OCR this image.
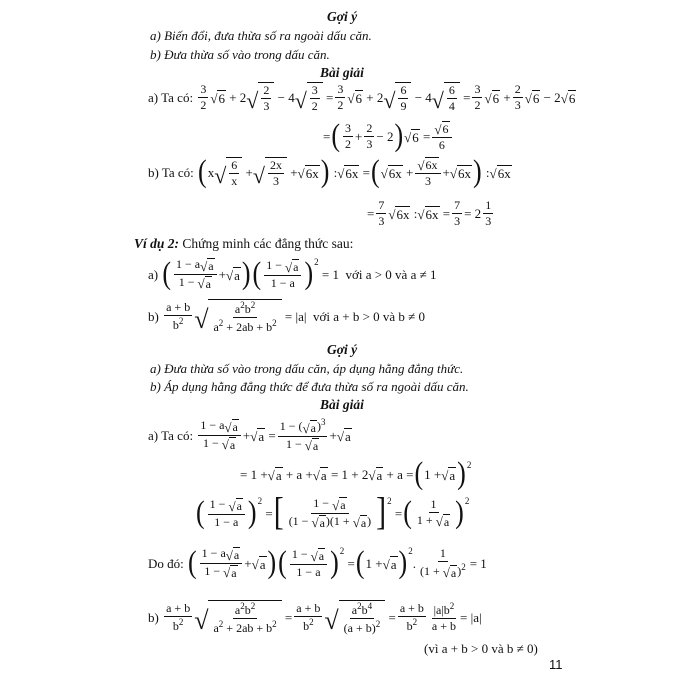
Gợi ý
a) Biến đổi, đưa thừa số ra ngoài dấu căn.
b) Đưa thừa số vào trong dấu căn.
Bài giải
a) Ta có:

3
2 √ 6 + 2 √ 2
3
− 4 √ 3
2
=
3
2 √ 6 + 2 √ 6
9
− 4 √ 6
4
=
3
2 √ 6 +
2
3 √ 6 − 2 √ 6
= ( 3
2 +
2
3 − 2 ) √ 6 = √ 6
6
b) Ta có:
( x √ 6
x
+ √ 2x
3
+ √ 6x ) : √ 6x = ( √ 6x + √ 6x
3
+ √ 6x ) : √ 6x
=
7
3 √ 6x : √ 6x =
7
3 = 2
1
3
Ví dụ 2: Chứng minh các đẳng thức sau:
a)
( 1 − a √ a
1 − √ a
+ √ a ) ( 1 − √ a
1 − a )$^2$
= 1 với a > 0 và a ≠ 1
b)

a + b
$b^2$ √ $a^2b^2$
$a^2 + 2ab + b^2 = |a|$ với a + b > 0 và b ≠ 0
Gợi ý
a) Đưa thừa số vào trong dấu căn, áp dụng hằng đẳng thức.
b) Áp dụng hằng đẳng thức để đưa thừa số ra ngoài dấu căn.
Bài giải
a) Ta có:

1 − a √ a
1 − √ a
+ √ a =
1 − ( √ a )$^3$
1 − √ a
+ √ a
= 1 + √ a + a + √ a = 1 + 2 √ a + a = ( 1 + √ a )$^2$
( 1 − √ a
1 − a )$^2$
= [ 1 − √ a
(1 − √ a )(1 + √ a ) ]$^2$
= ( 1
1 + √ a )$^2$
Do đó:
( 1 − a √ a
1 − √ a
+ √ a ) ( 1 − √ a
1 − a )$^2$
= ( 1 + √ a )$^2$
.
1
(1 + √ a )$^2$ = 1
b)

a + b
$b^2$ √ $a^2b^2$
$a^2 + 2ab + b^2$ =
a + b
$b^2$ √ $a^2b^4$
$(a + b)^2$ =
a + b
$b^2$
$|a|b^2$
a + b
= |a|
(vì a + b > 0 và b ≠ 0)
11
